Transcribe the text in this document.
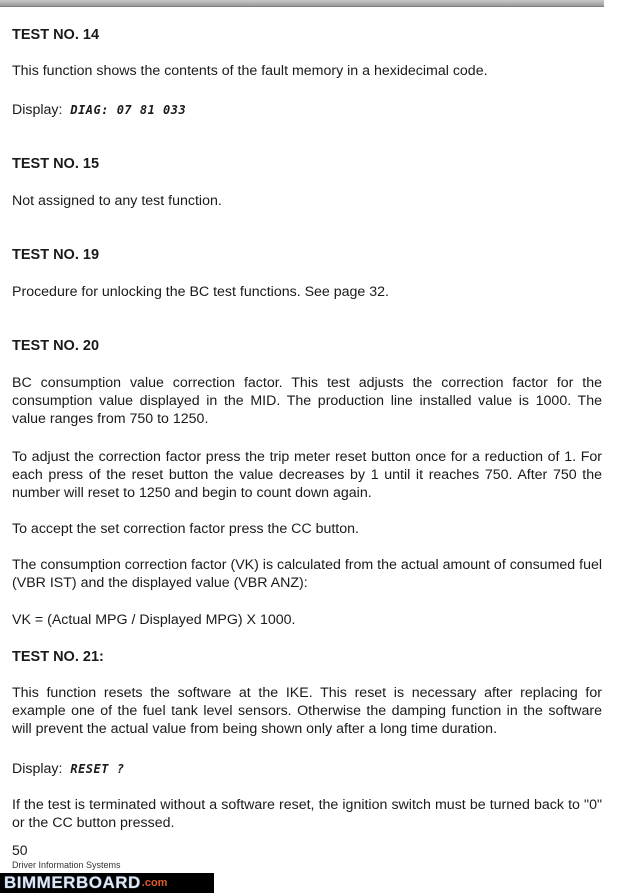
TEST NO. 14

This function shows the contents of the fault memory in a hexidecimal code.

Display: DIAG: 07 81 033

TEST NO. 15

Not assigned to any test function.

TEST NO. 19

Procedure for unlocking the BC test functions. See page 32.

TEST NO. 20

BC consumption value correction factor. This test adjusts the correction factor for the consumption value displayed in the MID. The production line installed value is 1000. The value ranges from 750 to 1250.

To adjust the correction factor press the trip meter reset button once for a reduction of 1. For each press of the reset button the value decreases by 1 until it reaches 750. After 750 the number will reset to 1250 and begin to count down again.

To accept the set correction factor press the CC button.

The consumption correction factor (VK) is calculated from the actual amount of consumed fuel (VBR IST) and the displayed value (VBR ANZ):

VK = (Actual MPG / Displayed MPG) X 1000.

TEST NO. 21:

This function resets the software at the IKE. This reset is necessary after replacing for example one of the fuel tank level sensors. Otherwise the damping function in the software will prevent the actual value from being shown only after a long time duration.

Display: RESET ?

If the test is terminated without a software reset, the ignition switch must be turned back to "0" or the CC button pressed.

50
Driver Information Systems
BIMMERBOARD .com
